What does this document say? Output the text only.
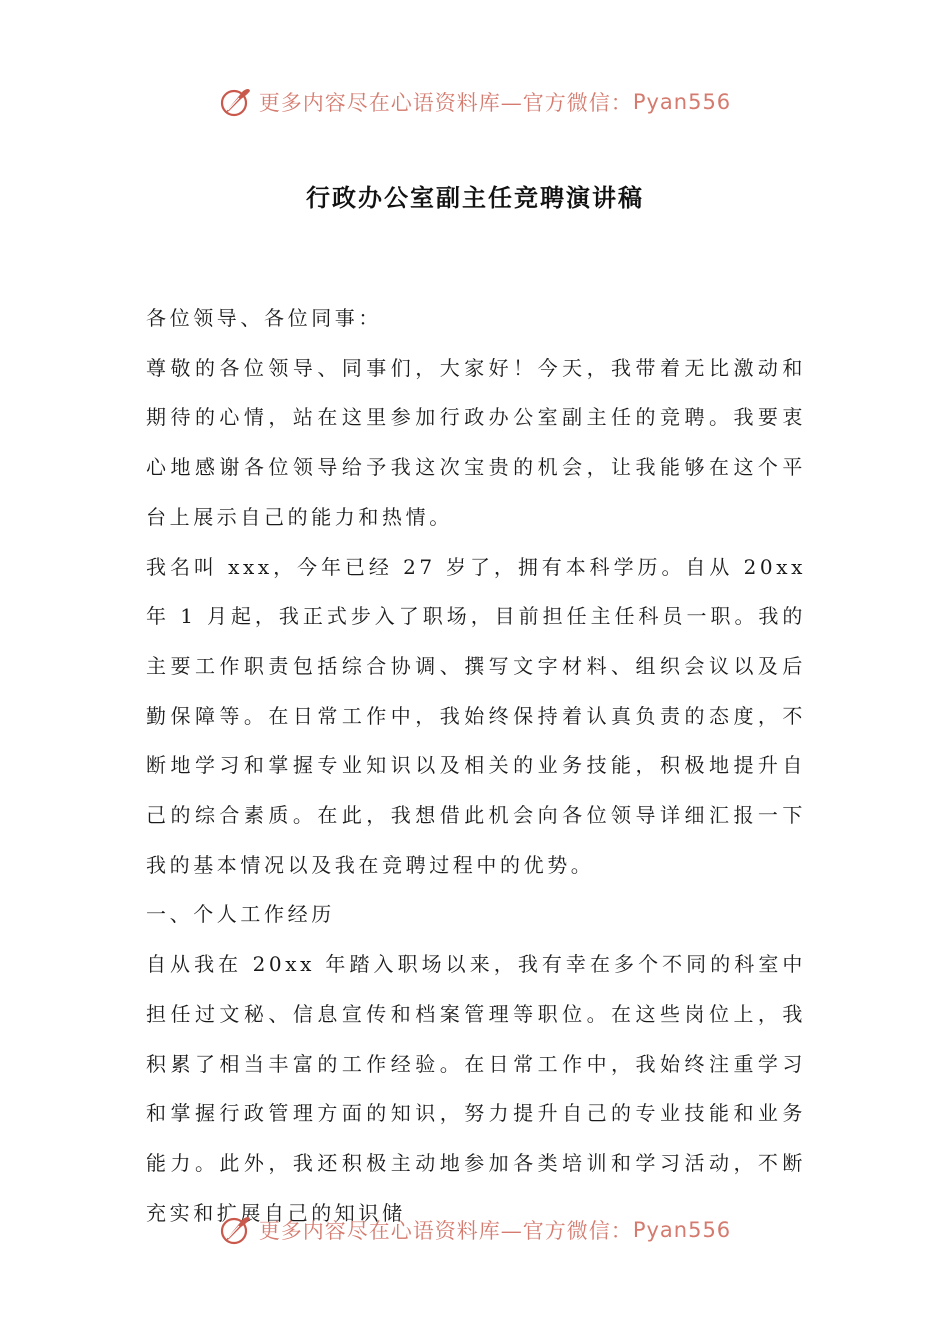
更多内容尽在心语资料库—官方微信： Pyan556
行政办公室副主任竞聘演讲稿

各位领导、各位同事：

尊敬的各位领导、同事们，大家好！今天，我带着无比激动和期待的心情，站在这里参加行政办公室副主任的竞聘。我要衷心地感谢各位领导给予我这次宝贵的机会，让我能够在这个平台上展示自己的能力和热情。

我名叫 xxx，今年已经 27 岁了，拥有本科学历。自从 20xx 年 1 月起，我正式步入了职场，目前担任主任科员一职。我的主要工作职责包括综合协调、撰写文字材料、组织会议以及后勤保障等。在日常工作中，我始终保持着认真负责的态度，不断地学习和掌握专业知识以及相关的业务技能，积极地提升自己的综合素质。在此，我想借此机会向各位领导详细汇报一下我的基本情况以及我在竞聘过程中的优势。

一、个人工作经历

自从我在 20xx 年踏入职场以来，我有幸在多个不同的科室中担任过文秘、信息宣传和档案管理等职位。在这些岗位上，我积累了相当丰富的工作经验。在日常工作中，我始终注重学习和掌握行政管理方面的知识，努力提升自己的专业技能和业务能力。此外，我还积极主动地参加各类培训和学习活动，不断充实和扩展自己的知识储

更多内容尽在心语资料库—官方微信： Pyan556
